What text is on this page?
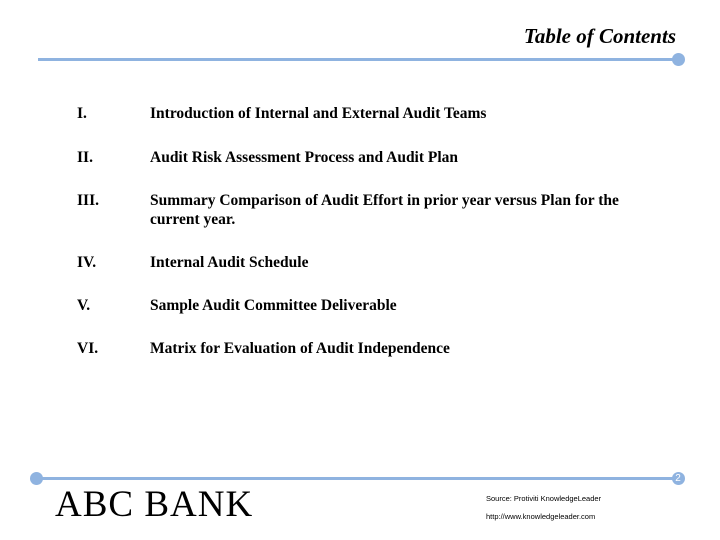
Table of Contents
I.	Introduction of Internal and External Audit Teams
II.	Audit Risk Assessment Process and Audit Plan
III.	Summary Comparison of Audit Effort in prior year versus Plan for the current year.
IV.	Internal Audit Schedule
V.	Sample Audit Committee Deliverable
VI.	Matrix for Evaluation of Audit Independence
2
ABC BANK	Source: Protiviti KnowledgeLeader
http://www.knowledgeleader.com
